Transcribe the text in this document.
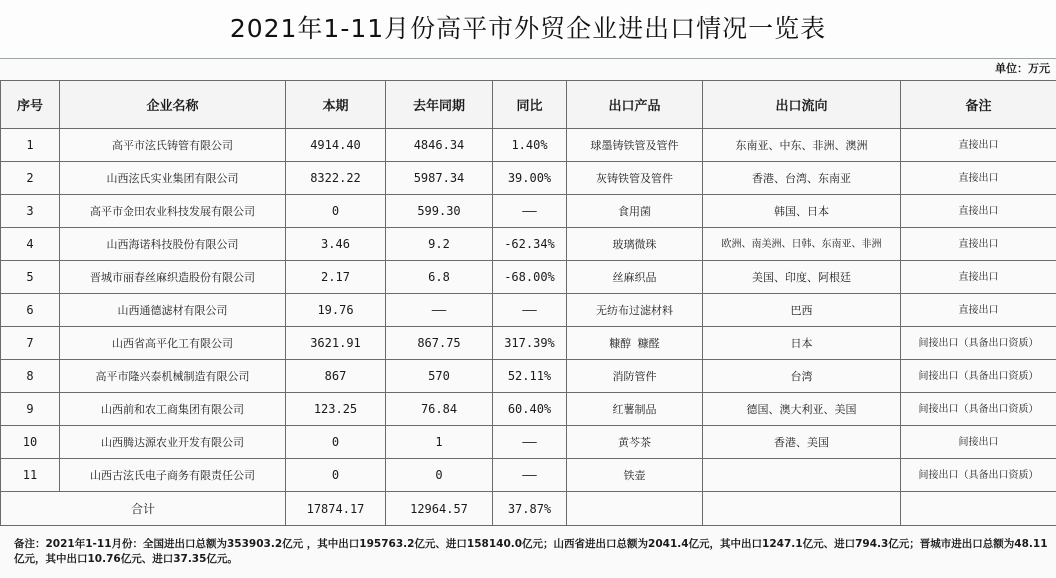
2021年1-11月份高平市外贸企业进出口情况一览表
单位：万元
序号	企业名称	本期	去年同期	同比	出口产品	出口流向	备注
1	高平市泫氏铸管有限公司	4914.40	4846.34	1.40%	球墨铸铁管及管件	东南亚、中东、非洲、澳洲	直接出口
2	山西泫氏实业集团有限公司	8322.22	5987.34	39.00%	灰铸铁管及管件	香港、台湾、东南亚	直接出口
3	高平市金田农业科技发展有限公司	0	599.30	——	食用菌	韩国、日本	直接出口
4	山西海诺科技股份有限公司	3.46	9.2	-62.34%	玻璃微珠	欧洲、南美洲、日韩、东南亚、非洲	直接出口
5	晋城市丽春丝麻织造股份有限公司	2.17	6.8	-68.00%	丝麻织品	美国、印度、阿根廷	直接出口
6	山西通德滤材有限公司	19.76	——	——	无纺布过滤材料	巴西	直接出口
7	山西省高平化工有限公司	3621.91	867.75	317.39%	糠醇 糠醛	日本	间接出口（具备出口资质）
8	高平市隆兴泰机械制造有限公司	867	570	52.11%	消防管件	台湾	间接出口（具备出口资质）
9	山西前和农工商集团有限公司	123.25	76.84	60.40%	红薯制品	德国、澳大利亚、美国	间接出口（具备出口资质）
10	山西腾达源农业开发有限公司	0	1	——	黄芩茶	香港、美国	间接出口
11	山西古泫氏电子商务有限责任公司	0	0	——	铁壶		间接出口（具备出口资质）
合计		17874.17	12964.57	37.87%			
备注：2021年1-11月份：全国进出口总额为353903.2亿元 ，其中出口195763.2亿元、进口158140.0亿元；山西省进出口总额为2041.4亿元，其中出口1247.1亿元、进口794.3亿元；晋城市进出口总额为48.11亿元，其中出口10.76亿元、进口37.35亿元。
